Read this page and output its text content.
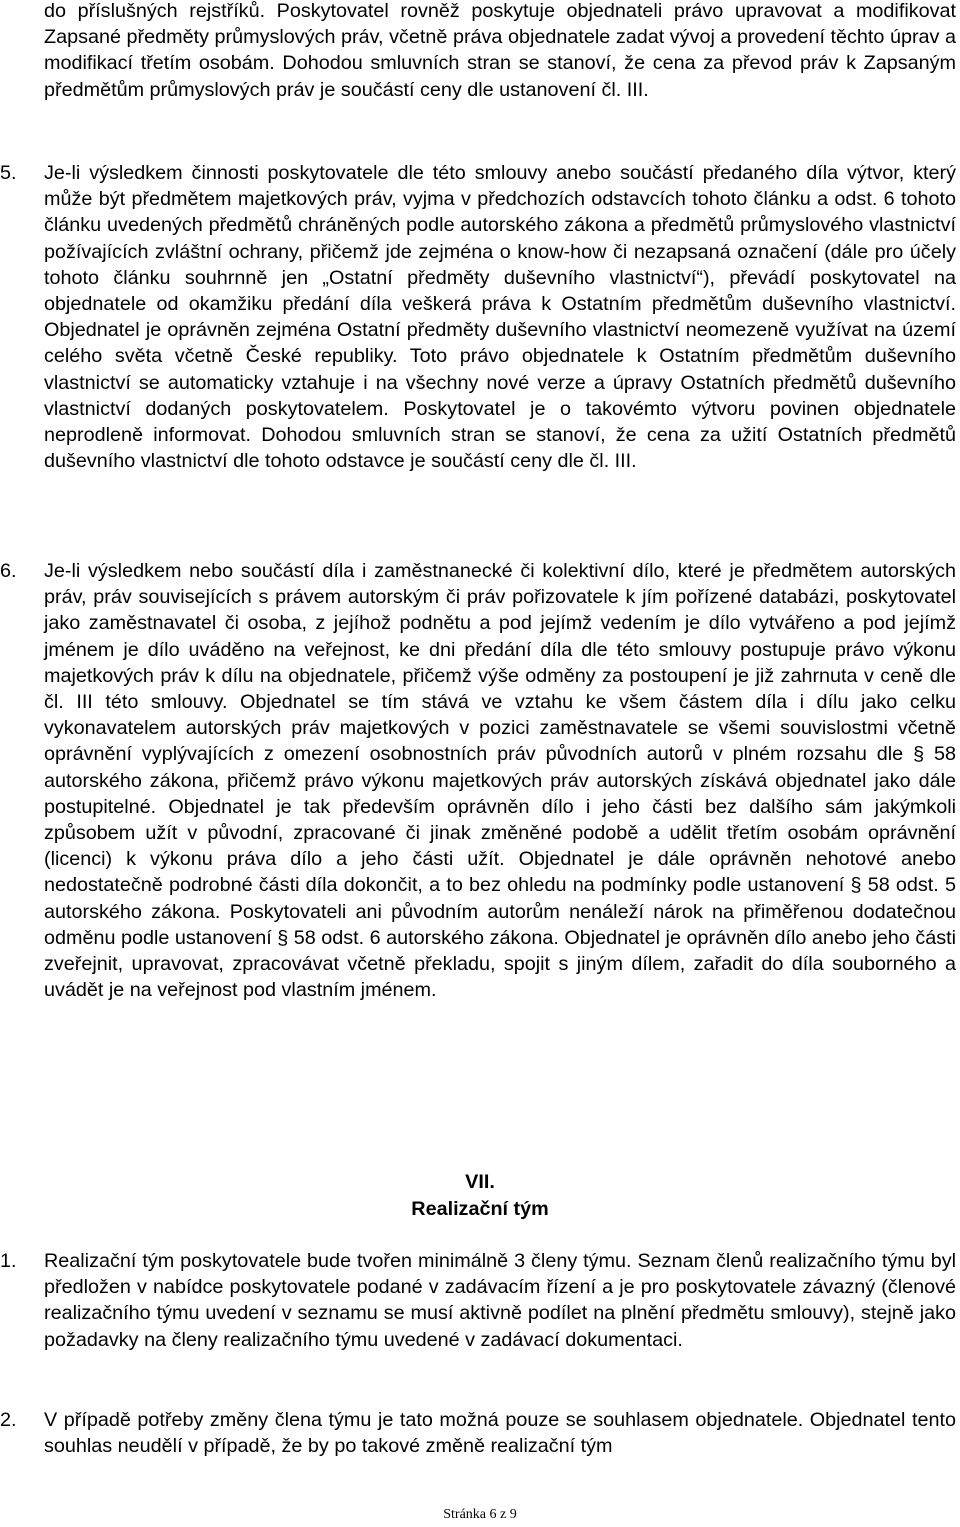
do příslušných rejstříků. Poskytovatel rovněž poskytuje objednateli právo upravovat a modifikovat Zapsané předměty průmyslových práv, včetně práva objednatele zadat vývoj a provedení těchto úprav a modifikací třetím osobám. Dohodou smluvních stran se stanoví, že cena za převod práv k Zapsaným předmětům průmyslových práv je součástí ceny dle ustanovení čl. III.

5.	Je-li výsledkem činnosti poskytovatele dle této smlouvy anebo součástí předaného díla výtvor, který může být předmětem majetkových práv, vyjma v předchozích odstavcích tohoto článku a odst. 6 tohoto článku uvedených předmětů chráněných podle autorského zákona a předmětů průmyslového vlastnictví požívajících zvláštní ochrany, přičemž jde zejména o know-how či nezapsaná označení (dále pro účely tohoto článku souhrnně jen „Ostatní předměty duševního vlastnictví“), převádí poskytovatel na objednatele od okamžiku předání díla veškerá práva k Ostatním předmětům duševního vlastnictví. Objednatel je oprávněn zejména Ostatní předměty duševního vlastnictví neomezeně využívat na území celého světa včetně České republiky. Toto právo objednatele k Ostatním předmětům duševního vlastnictví se automaticky vztahuje i na všechny nové verze a úpravy Ostatních předmětů duševního vlastnictví dodaných poskytovatelem. Poskytovatel je o takovémto výtvoru povinen objednatele neprodleně informovat. Dohodou smluvních stran se stanoví, že cena za užití Ostatních předmětů duševního vlastnictví dle tohoto odstavce je součástí ceny dle čl. III.

6.	Je-li výsledkem nebo součástí díla i zaměstnanecké či kolektivní dílo, které je předmětem autorských práv, práv souvisejících s právem autorským či práv pořizovatele k jím pořízené databázi, poskytovatel jako zaměstnavatel či osoba, z jejíhož podnětu a pod jejímž vedením je dílo vytvářeno a pod jejímž jménem je dílo uváděno na veřejnost, ke dni předání díla dle této smlouvy postupuje právo výkonu majetkových práv k dílu na objednatele, přičemž výše odměny za postoupení je již zahrnuta v ceně dle čl. III této smlouvy. Objednatel se tím stává ve vztahu ke všem částem díla i dílu jako celku vykonavatelem autorských práv majetkových v pozici zaměstnavatele se všemi souvislostmi včetně oprávnění vyplývajících z omezení osobnostních práv původních autorů v plném rozsahu dle § 58 autorského zákona, přičemž právo výkonu majetkových práv autorských získává objednatel jako dále postupitelné. Objednatel je tak především oprávněn dílo i jeho části bez dalšího sám jakýmkoli způsobem užít v původní, zpracované či jinak změněné podobě a udělit třetím osobám oprávnění (licenci) k výkonu práva dílo a jeho části užít. Objednatel je dále oprávněn nehotové anebo nedostatečně podrobné části díla dokončit, a to bez ohledu na podmínky podle ustanovení § 58 odst. 5 autorského zákona. Poskytovateli ani původním autorům nenáleží nárok na přiměřenou dodatečnou odměnu podle ustanovení § 58 odst. 6 autorského zákona. Objednatel je oprávněn dílo anebo jeho části zveřejnit, upravovat, zpracovávat včetně překladu, spojit s jiným dílem, zařadit do díla souborného a uvádět je na veřejnost pod vlastním jménem.

VII.
Realizační tým
1.	Realizační tým poskytovatele bude tvořen minimálně 3 členy týmu. Seznam členů realizačního týmu byl předložen v nabídce poskytovatele podané v zadávacím řízení a je pro poskytovatele závazný (členové realizačního týmu uvedení v seznamu se musí aktivně podílet na plnění předmětu smlouvy), stejně jako požadavky na členy realizačního týmu uvedené v zadávací dokumentaci.

2.	V případě potřeby změny člena týmu je tato možná pouze se souhlasem objednatele. Objednatel tento souhlas neudělí v případě, že by po takové změně realizační tým

Stránka 6 z 9
